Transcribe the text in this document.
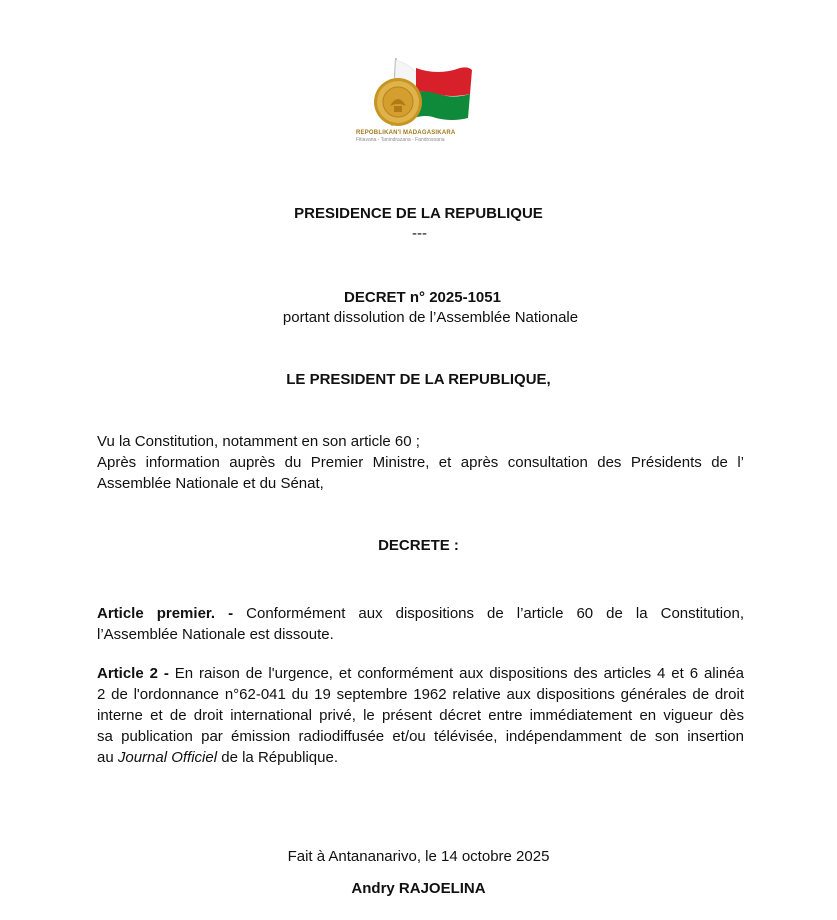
REPOBLIKAN'I MADAGASIKARA
Fitiavana - Tanindrazana - Fandrosoana
PRESIDENCE DE LA REPUBLIQUE
---
DECRET n° 2025-1051
portant dissolution de l’Assemblée Nationale
LE PRESIDENT DE LA REPUBLIQUE,
Vu la Constitution, notamment en son article 60 ;
Après information auprès du Premier Ministre, et après consultation des Présidents de l’
Assemblée Nationale et du Sénat,
DECRETE :
Article premier. - Conformément aux dispositions de l’article 60 de la Constitution,
l’Assemblée Nationale est dissoute.
Article 2 - En raison de l'urgence, et conformément aux dispositions des articles 4 et 6 alinéa
2 de l'ordonnance n°62-041 du 19 septembre 1962 relative aux dispositions générales de droit
interne et de droit international privé, le présent décret entre immédiatement en vigueur dès
sa publication par émission radiodiffusée et/ou télévisée, indépendamment de son insertion
au Journal Officiel de la République.
Fait à Antananarivo, le 14 octobre 2025
Andry RAJOELINA
